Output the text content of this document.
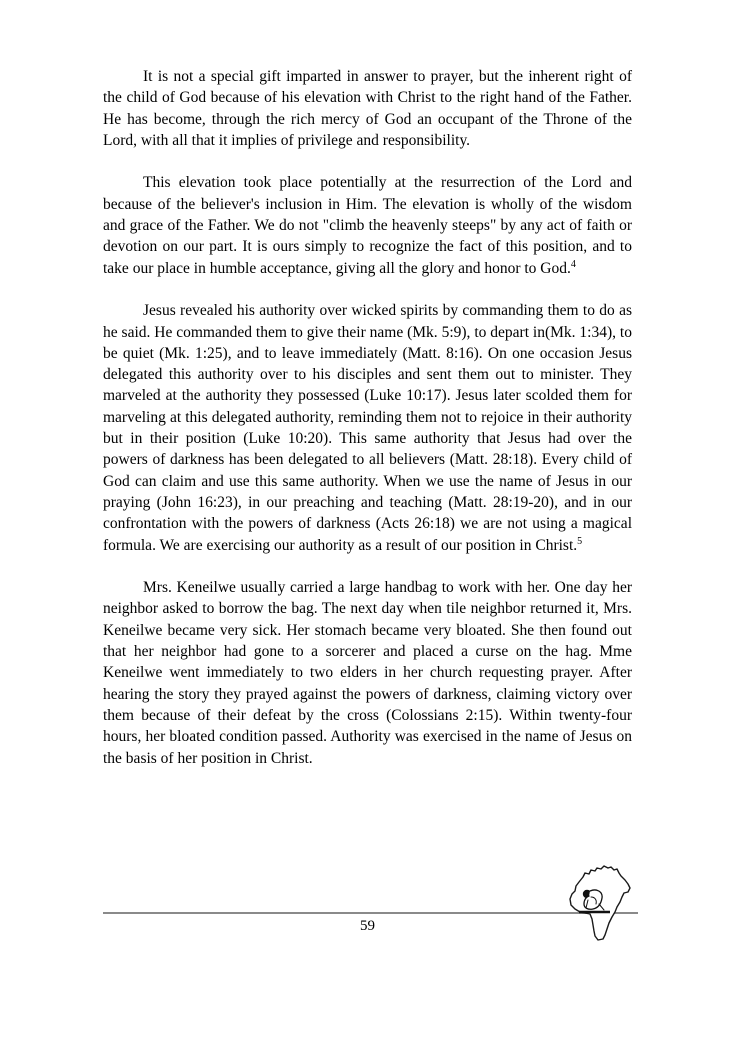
It is not a special gift imparted in answer to prayer, but the inherent right of the child of God because of his elevation with Christ to the right hand of the Father. He has become, through the rich mercy of God an occupant of the Throne of the Lord, with all that it implies of privilege and responsibility.

This elevation took place potentially at the resurrection of the Lord and because of the believer's inclusion in Him. The elevation is wholly of the wisdom and grace of the Father. We do not "climb the heavenly steeps" by any act of faith or devotion on our part. It is ours simply to recognize the fact of this position, and to take our place in humble acceptance, giving all the glory and honor to God.$^4$

Jesus revealed his authority over wicked spirits by commanding them to do as he said. He commanded them to give their name (Mk. 5:9), to depart in(Mk. 1:34), to be quiet (Mk. 1:25), and to leave immediately (Matt. 8:16). On one occasion Jesus delegated this authority over to his disciples and sent them out to minister. They marveled at the authority they possessed (Luke 10:17). Jesus later scolded them for marveling at this delegated authority, reminding them not to rejoice in their authority but in their position (Luke 10:20). This same authority that Jesus had over the powers of darkness has been delegated to all believers (Matt. 28:18). Every child of God can claim and use this same authority. When we use the name of Jesus in our praying (John 16:23), in our preaching and teaching (Matt. 28:19-20), and in our confrontation with the powers of darkness (Acts 26:18) we are not using a magical formula. We are exercising our authority as a result of our position in Christ.$^5$

Mrs. Keneilwe usually carried a large handbag to work with her. One day her neighbor asked to borrow the bag. The next day when tile neighbor returned it, Mrs. Keneilwe became very sick. Her stomach became very bloated. She then found out that her neighbor had gone to a sorcerer and placed a curse on the hag. Mme Keneilwe went immediately to two elders in her church requesting prayer. After hearing the story they prayed against the powers of darkness, claiming victory over them because of their defeat by the cross (Colossians 2:15). Within twenty-four hours, her bloated condition passed. Authority was exercised in the name of Jesus on the basis of her position in Christ.

59
